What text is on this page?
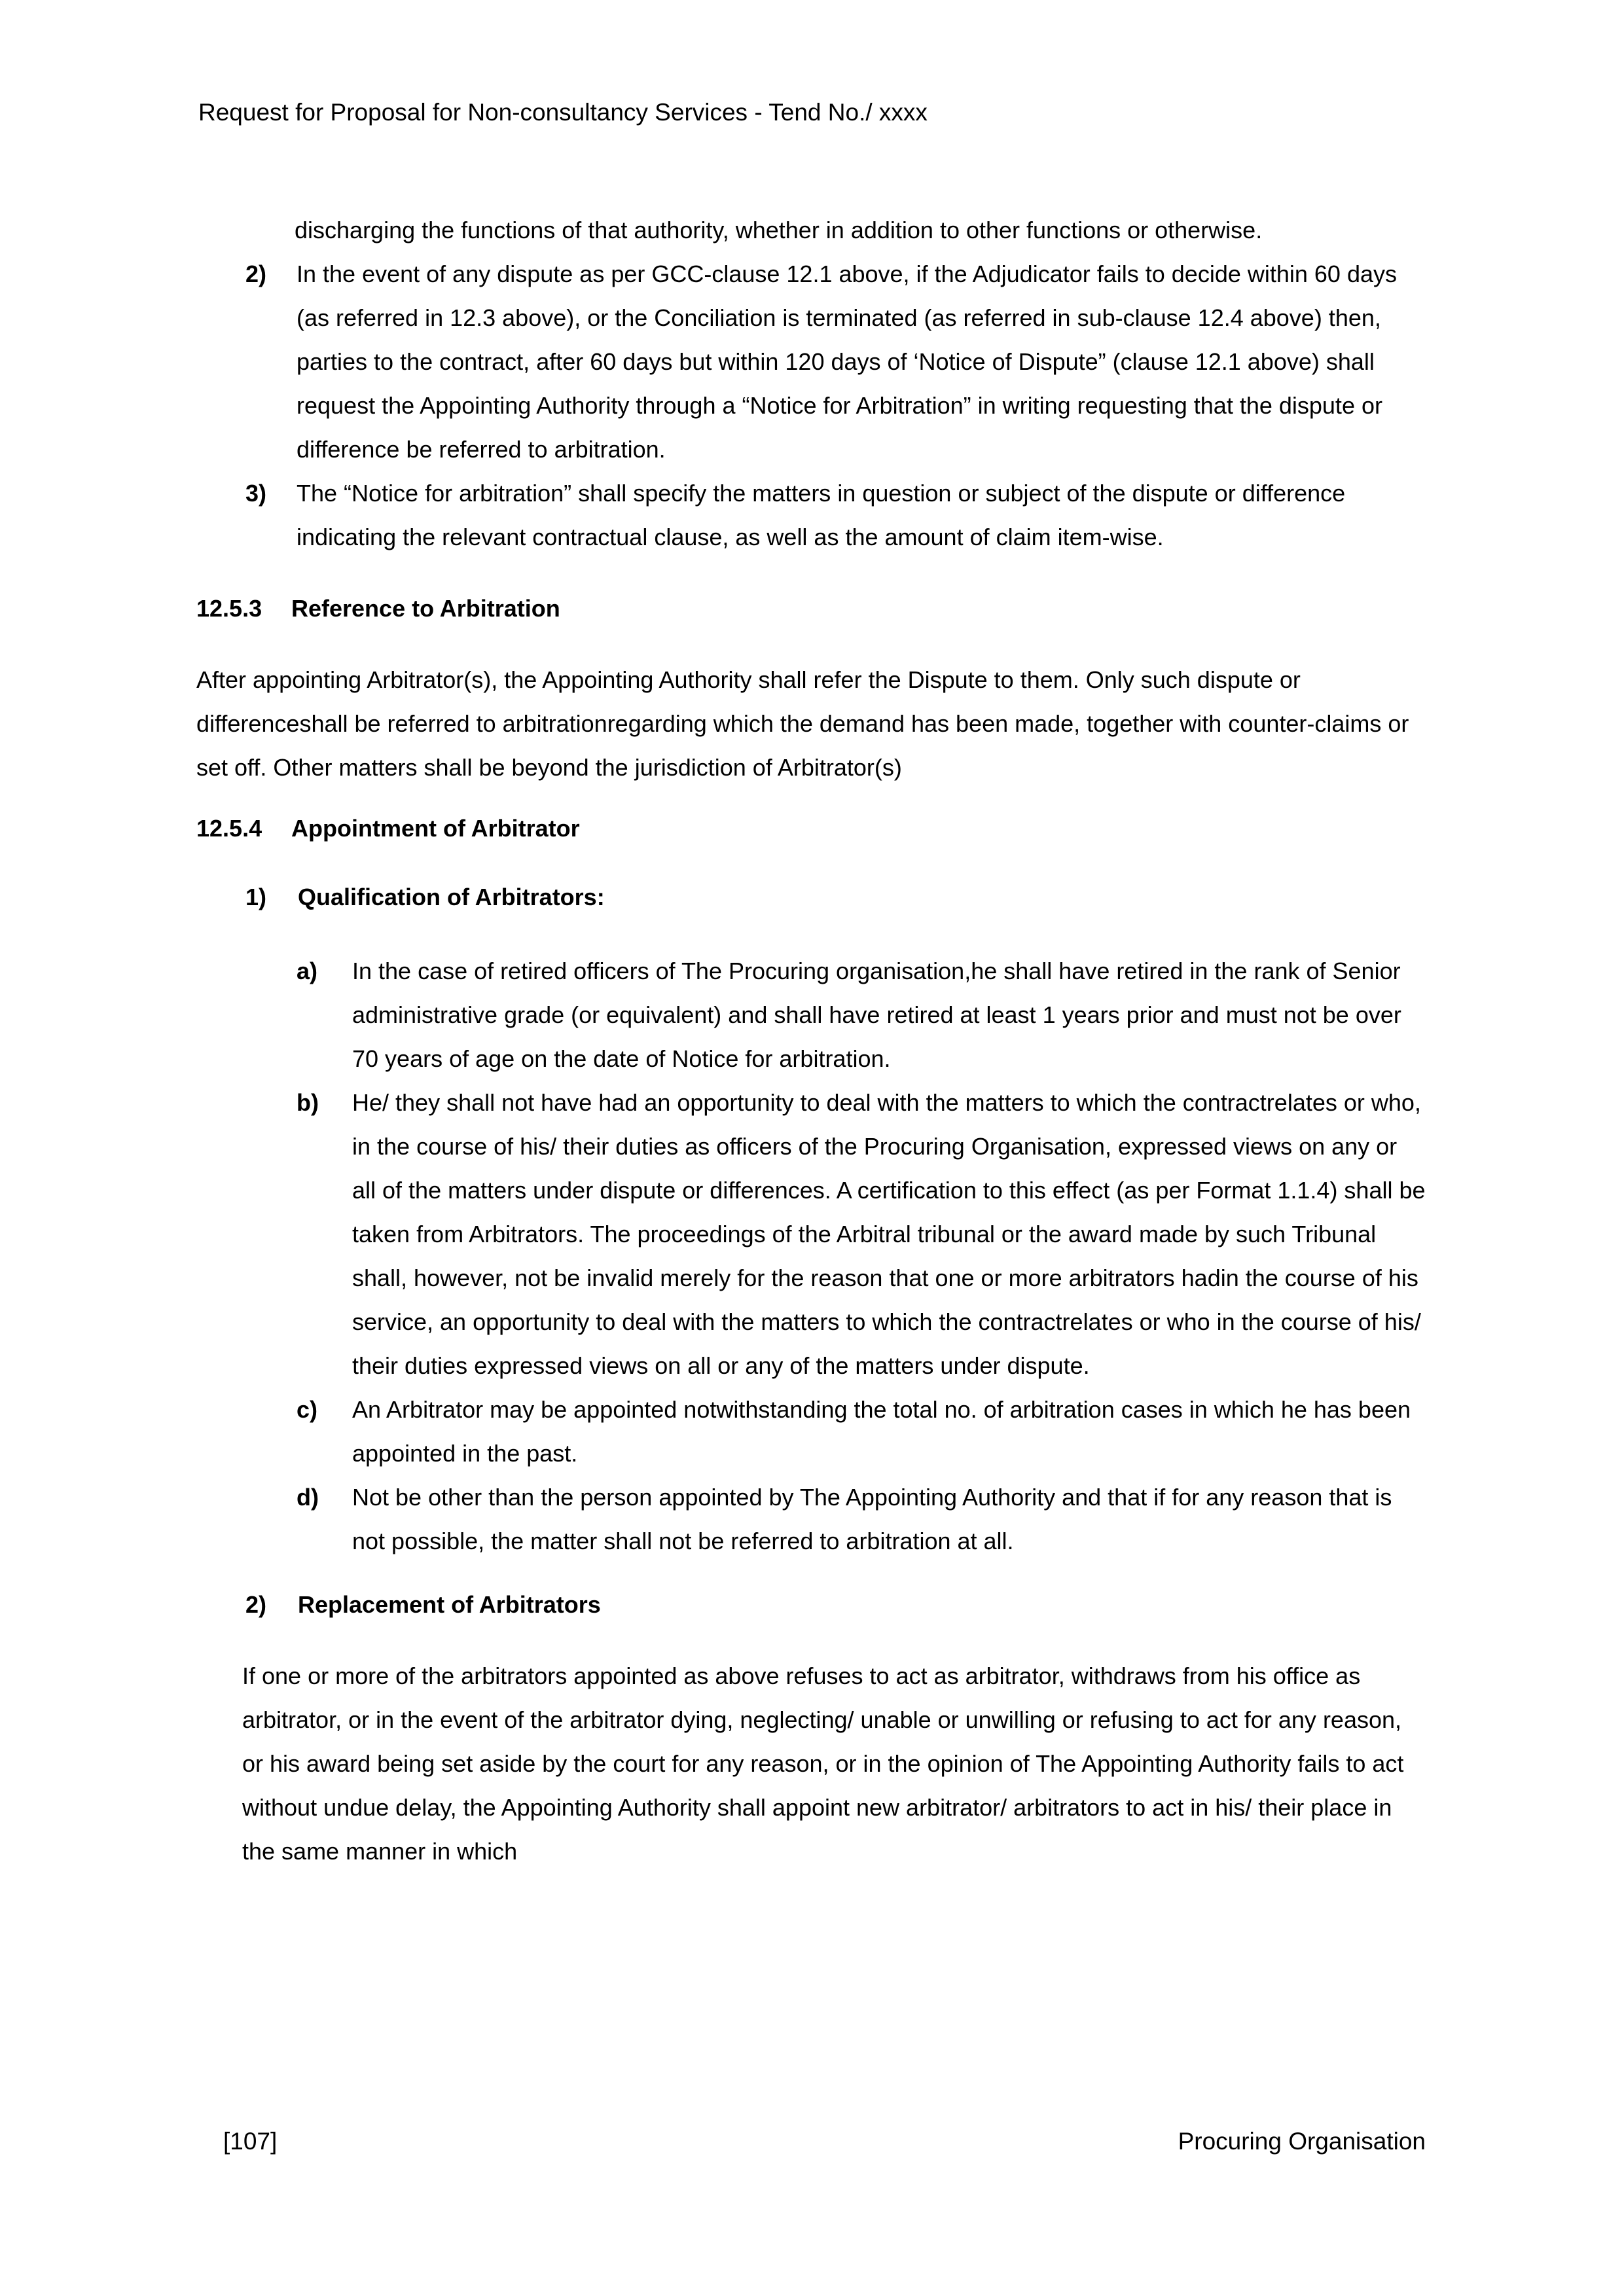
Request for Proposal for Non-consultancy Services - Tend No./ xxxx
discharging the functions of that authority, whether in addition to other functions or otherwise.
2) In the event of any dispute as per GCC-clause 12.1 above, if the Adjudicator fails to decide within 60 days (as referred in 12.3 above), or the Conciliation is terminated (as referred in sub-clause 12.4 above) then, parties to the contract, after 60 days but within 120 days of ‘Notice of Dispute” (clause 12.1 above) shall request the Appointing Authority through a “Notice for Arbitration” in writing requesting that the dispute or difference be referred to arbitration.
3) The “Notice for arbitration” shall specify the matters in question or subject of the dispute or difference indicating the relevant contractual clause, as well as the amount of claim item-wise.
12.5.3 Reference to Arbitration
After appointing Arbitrator(s), the Appointing Authority shall refer the Dispute to them. Only such dispute or differenceshall be referred to arbitrationregarding which the demand has been made, together with counter-claims or set off. Other matters shall be beyond the jurisdiction of Arbitrator(s)
12.5.4 Appointment of Arbitrator
1) Qualification of Arbitrators:
a) In the case of retired officers of The Procuring organisation,he shall have retired in the rank of Senior administrative grade (or equivalent) and shall have retired at least 1 years prior and must not be over 70 years of age on the date of Notice for arbitration.
b) He/ they shall not have had an opportunity to deal with the matters to which the contractrelates or who, in the course of his/ their duties as officers of the Procuring Organisation, expressed views on any or all of the matters under dispute or differences. A certification to this effect (as per Format 1.1.4) shall be taken from Arbitrators. The proceedings of the Arbitral tribunal or the award made by such Tribunal shall, however, not be invalid merely for the reason that one or more arbitrators hadin the course of his service, an opportunity to deal with the matters to which the contractrelates or who in the course of his/ their duties expressed views on all or any of the matters under dispute.
c) An Arbitrator may be appointed notwithstanding the total no. of arbitration cases in which he has been appointed in the past.
d) Not be other than the person appointed by The Appointing Authority and that if for any reason that is not possible, the matter shall not be referred to arbitration at all.
2) Replacement of Arbitrators
If one or more of the arbitrators appointed as above refuses to act as arbitrator, withdraws from his office as arbitrator, or in the event of the arbitrator dying, neglecting/ unable or unwilling or refusing to act for any reason, or his award being set aside by the court for any reason, or in the opinion of The Appointing Authority fails to act without undue delay, the Appointing Authority shall appoint new arbitrator/ arbitrators to act in his/ their place in the same manner in which
[107]	Procuring Organisation
